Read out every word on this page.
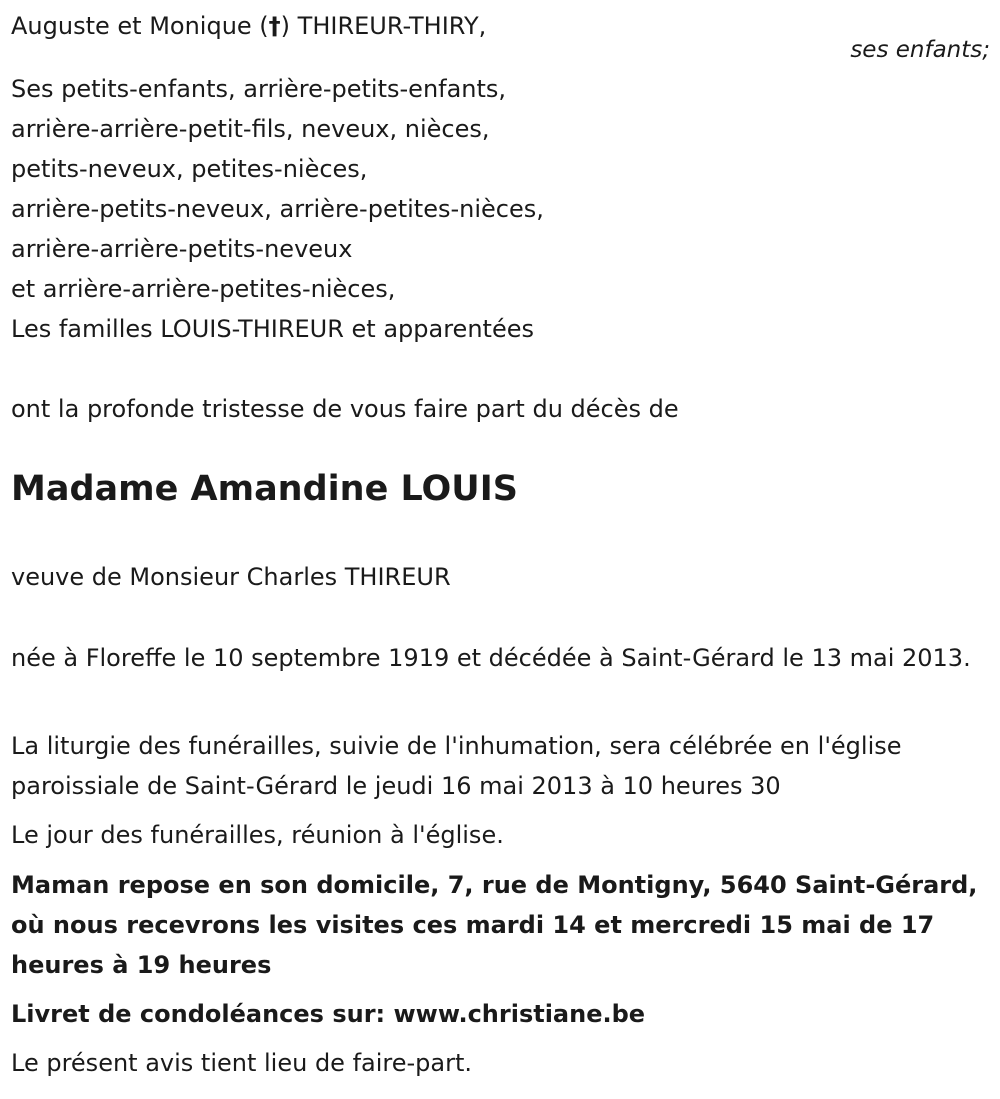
Auguste et Monique (†) THIREUR-THIRY,
ses enfants;
Ses petits-enfants, arrière-petits-enfants,
arrière-arrière-petit-fils, neveux, nièces,
petits-neveux, petites-nièces,
arrière-petits-neveux, arrière-petites-nièces,
arrière-arrière-petits-neveux
et arrière-arrière-petites-nièces,
Les familles LOUIS-THIREUR et apparentées
ont la profonde tristesse de vous faire part du décès de
Madame Amandine LOUIS
veuve de Monsieur Charles THIREUR
née à Floreffe le 10 septembre 1919 et décédée à Saint-Gérard le 13 mai 2013.
La liturgie des funérailles, suivie de l'inhumation, sera célébrée en l'église paroissiale de Saint-Gérard le jeudi 16 mai 2013 à 10 heures 30
Le jour des funérailles, réunion à l'église.
Maman repose en son domicile, 7, rue de Montigny, 5640 Saint-Gérard, où nous recevrons les visites ces mardi 14 et mercredi 15 mai de 17 heures à 19 heures
Livret de condoléances sur: www.christiane.be
Le présent avis tient lieu de faire-part.
